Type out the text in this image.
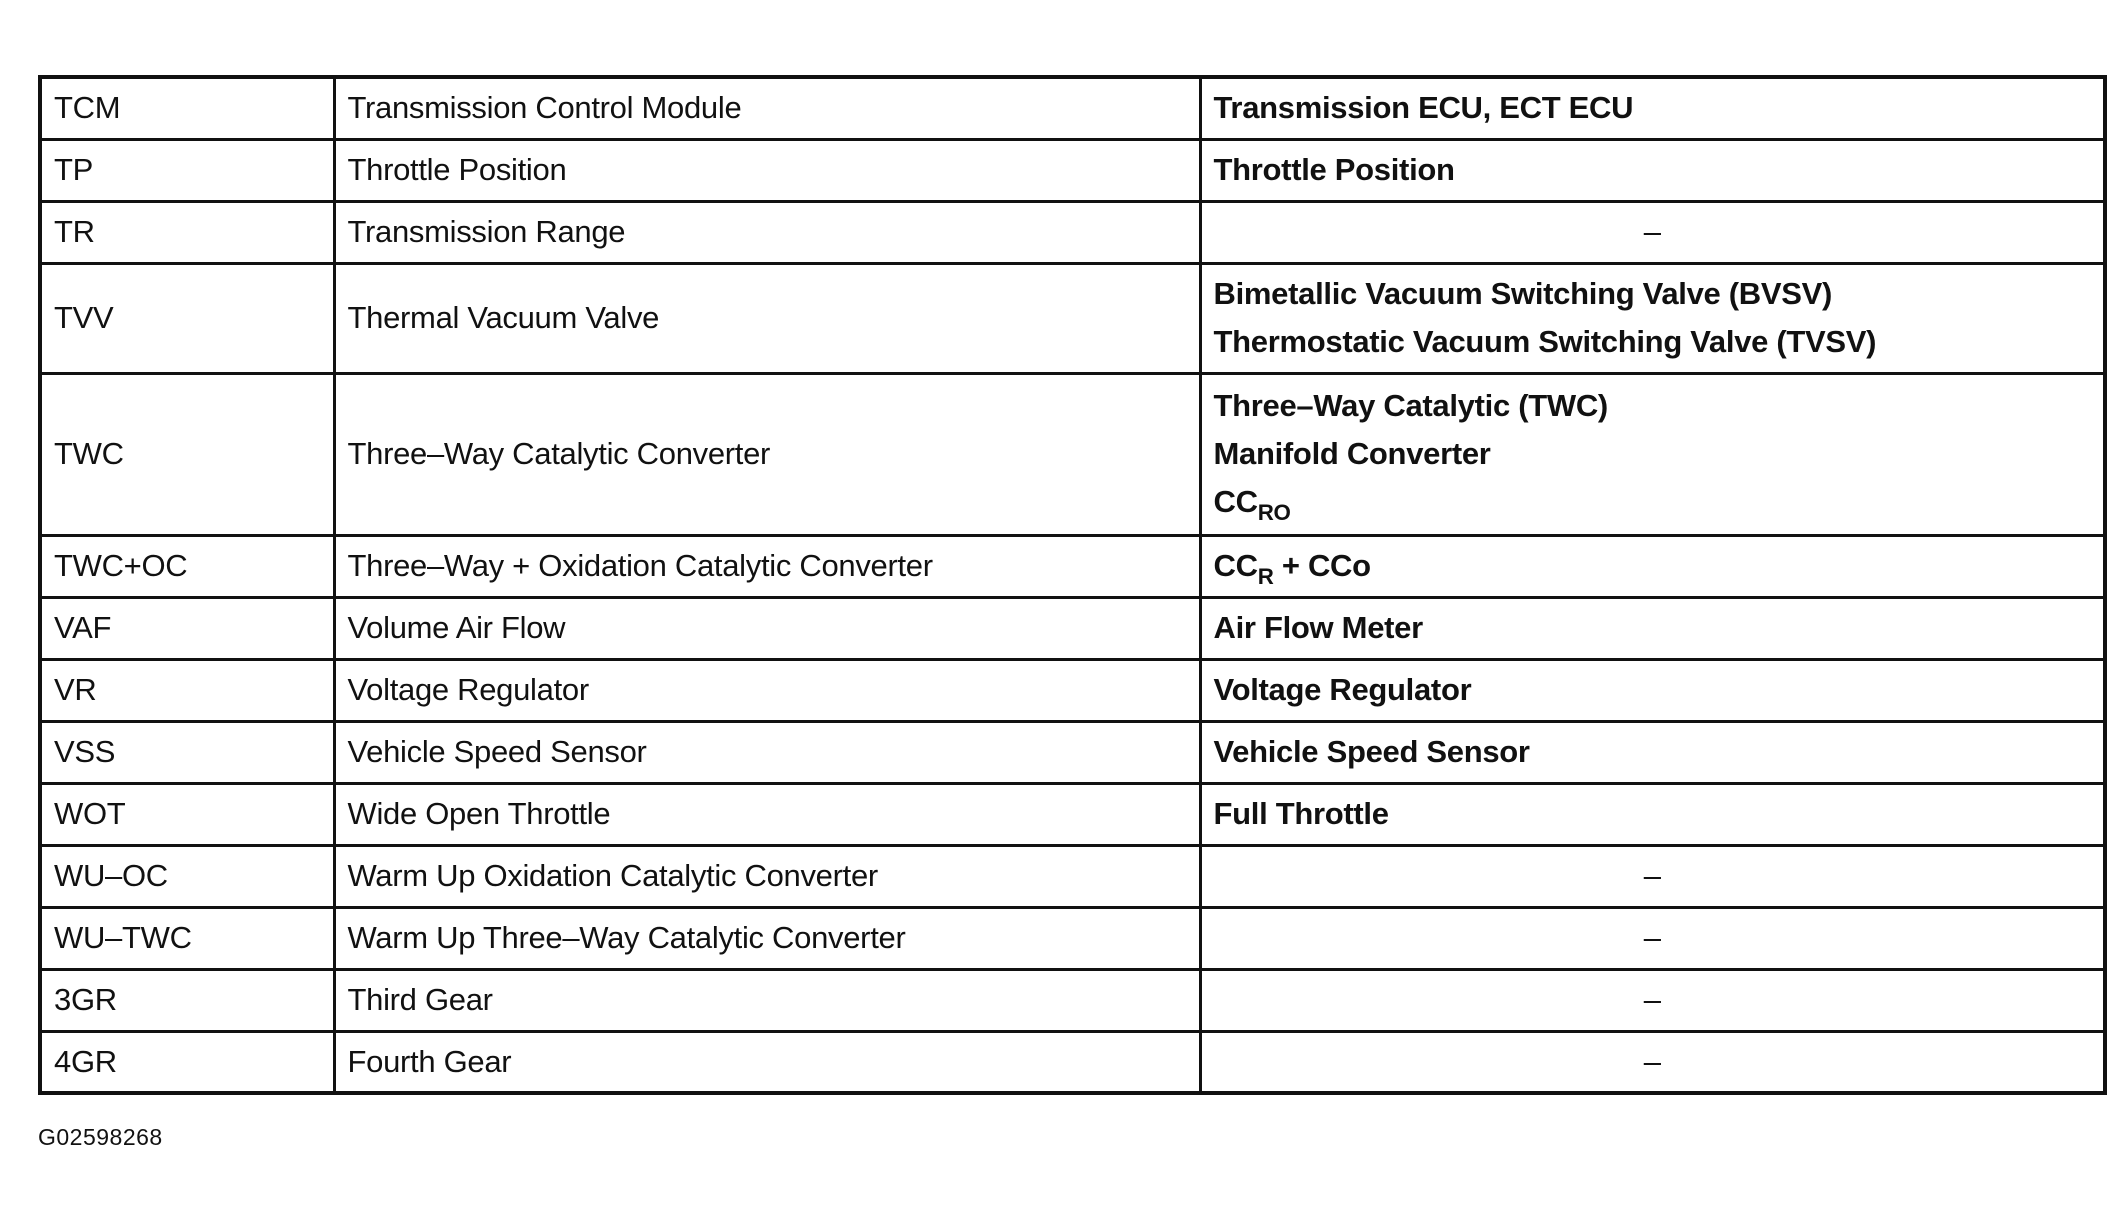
TCM	Transmission Control Module	Transmission ECU, ECT ECU

TP	Throttle Position	Throttle Position

TR	Transmission Range	–

TVV	Thermal Vacuum Valve	Bimetallic Vacuum Switching Valve (BVSV)
Thermostatic Vacuum Switching Valve (TVSV)

TWC	Three–Way Catalytic Converter	Three–Way Catalytic (TWC)
Manifold Converter
$CC_{RO}$

TWC+OC	Three–Way + Oxidation Catalytic Converter	$CC_R$ + CCo

VAF	Volume Air Flow	Air Flow Meter

VR	Voltage Regulator	Voltage Regulator

VSS	Vehicle Speed Sensor	Vehicle Speed Sensor

WOT	Wide Open Throttle	Full Throttle

WU–OC	Warm Up Oxidation Catalytic Converter	–

WU–TWC	Warm Up Three–Way Catalytic Converter	–

3GR	Third Gear	–

4GR	Fourth Gear	–
G02598268
